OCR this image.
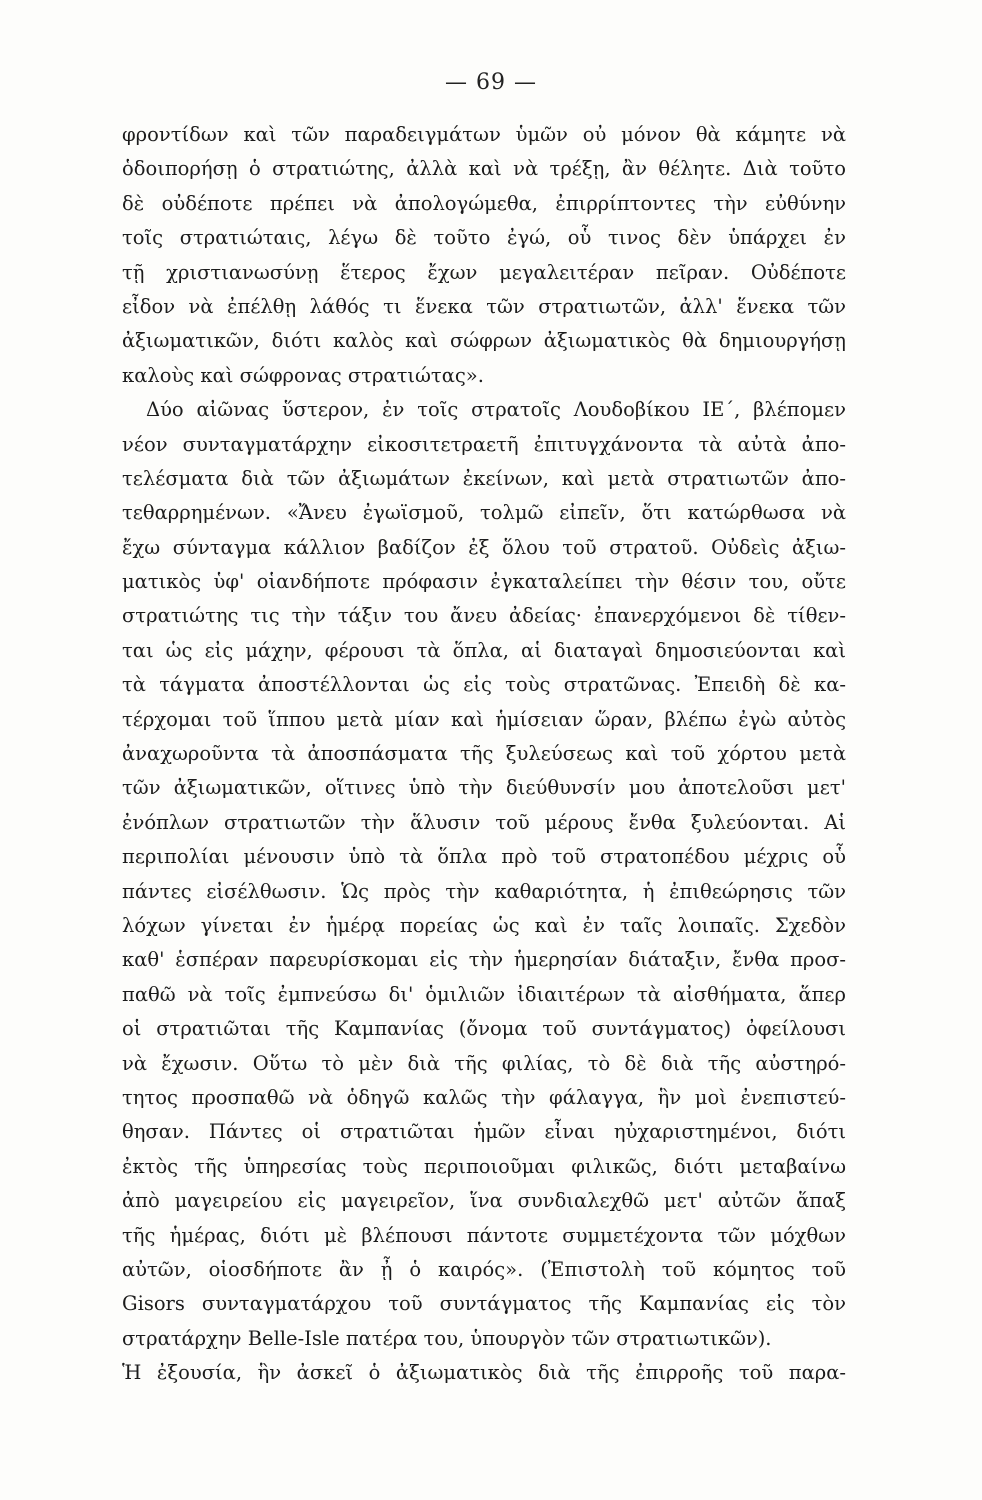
— 69 —
φροντίδων καὶ τῶν παραδειγμάτων ὑμῶν οὐ μόνον θὰ κάμητε νὰ
ὁδοιπορήσῃ ὁ στρατιώτης, ἀλλὰ καὶ νὰ τρέξῃ, ἂν θέλητε. Διὰ τοῦτο
δὲ οὐδέποτε πρέπει νὰ ἀπολογώμεθα, ἐπιρρίπτοντες τὴν εὐθύνην
τοῖς στρατιώταις, λέγω δὲ τοῦτο ἐγώ, οὗ τινος δὲν ὑπάρχει ἐν
τῇ χριστιανωσύνῃ ἕτερος ἔχων μεγαλειτέραν πεῖραν. Οὐδέποτε
εἶδον νὰ ἐπέλθῃ λάθός τι ἕνεκα τῶν στρατιωτῶν, ἀλλ' ἕνεκα τῶν
ἀξιωματικῶν, διότι καλὸς καὶ σώφρων ἀξιωματικὸς θὰ δημιουργήσῃ
καλοὺς καὶ σώφρονας στρατιώτας».
Δύο αἰῶνας ὕστερον, ἐν τοῖς στρατοῖς Λουδοβίκου ΙΕ΄, βλέπομεν
νέον συνταγματάρχην εἰκοσιτετραετῆ ἐπιτυγχάνοντα τὰ αὐτὰ ἀπο-
τελέσματα διὰ τῶν ἀξιωμάτων ἐκείνων, καὶ μετὰ στρατιωτῶν ἀπο-
τεθαρρημένων. «Ἄνευ ἐγωϊσμοῦ, τολμῶ εἰπεῖν, ὅτι κατώρθωσα νὰ
ἔχω σύνταγμα κάλλιον βαδίζον ἐξ ὅλου τοῦ στρατοῦ. Οὐδεὶς ἀξιω-
ματικὸς ὑφ' οἱανδήποτε πρόφασιν ἐγκαταλείπει τὴν θέσιν του, οὔτε
στρατιώτης τις τὴν τάξιν του ἄνευ ἀδείας· ἐπανερχόμενοι δὲ τίθεν-
ται ὡς εἰς μάχην, φέρουσι τὰ ὅπλα, αἱ διαταγαὶ δημοσιεύονται καὶ
τὰ τάγματα ἀποστέλλονται ὡς εἰς τοὺς στρατῶνας. Ἐπειδὴ δὲ κα-
τέρχομαι τοῦ ἵππου μετὰ μίαν καὶ ἡμίσειαν ὥραν, βλέπω ἐγὼ αὐτὸς
ἀναχωροῦντα τὰ ἀποσπάσματα τῆς ξυλεύσεως καὶ τοῦ χόρτου μετὰ
τῶν ἀξιωματικῶν, οἵτινες ὑπὸ τὴν διεύθυνσίν μου ἀποτελοῦσι μετ'
ἐνόπλων στρατιωτῶν τὴν ἅλυσιν τοῦ μέρους ἔνθα ξυλεύονται. Αἱ
περιπολίαι μένουσιν ὑπὸ τὰ ὅπλα πρὸ τοῦ στρατοπέδου μέχρις οὗ
πάντες εἰσέλθωσιν. Ὡς πρὸς τὴν καθαριότητα, ἡ ἐπιθεώρησις τῶν
λόχων γίνεται ἐν ἡμέρᾳ πορείας ὡς καὶ ἐν ταῖς λοιπαῖς. Σχεδὸν
καθ' ἑσπέραν παρευρίσκομαι εἰς τὴν ἡμερησίαν διάταξιν, ἔνθα προσ-
παθῶ νὰ τοῖς ἐμπνεύσω δι' ὁμιλιῶν ἰδιαιτέρων τὰ αἰσθήματα, ἅπερ
οἱ στρατιῶται τῆς Καμπανίας (ὄνομα τοῦ συντάγματος) ὀφείλουσι
νὰ ἔχωσιν. Οὕτω τὸ μὲν διὰ τῆς φιλίας, τὸ δὲ διὰ τῆς αὐστηρό-
τητος προσπαθῶ νὰ ὁδηγῶ καλῶς τὴν φάλαγγα, ἣν μοὶ ἐνεπιστεύ-
θησαν. Πάντες οἱ στρατιῶται ἡμῶν εἶναι ηὐχαριστημένοι, διότι
ἐκτὸς τῆς ὑπηρεσίας τοὺς περιποιοῦμαι φιλικῶς, διότι μεταβαίνω
ἀπὸ μαγειρείου εἰς μαγειρεῖον, ἵνα συνδιαλεχθῶ μετ' αὐτῶν ἅπαξ
τῆς ἡμέρας, διότι μὲ βλέπουσι πάντοτε συμμετέχοντα τῶν μόχθων
αὐτῶν, οἱοσδήποτε ἂν ᾖ ὁ καιρός». (Ἐπιστολὴ τοῦ κόμητος τοῦ
Gisors συνταγματάρχου τοῦ συντάγματος τῆς Καμπανίας εἰς τὸν
στρατάρχην Belle-Isle πατέρα του, ὑπουργὸν τῶν στρατιωτικῶν).
Ἡ ἐξουσία, ἣν ἀσκεῖ ὁ ἀξιωματικὸς διὰ τῆς ἐπιρροῆς τοῦ παρα-
